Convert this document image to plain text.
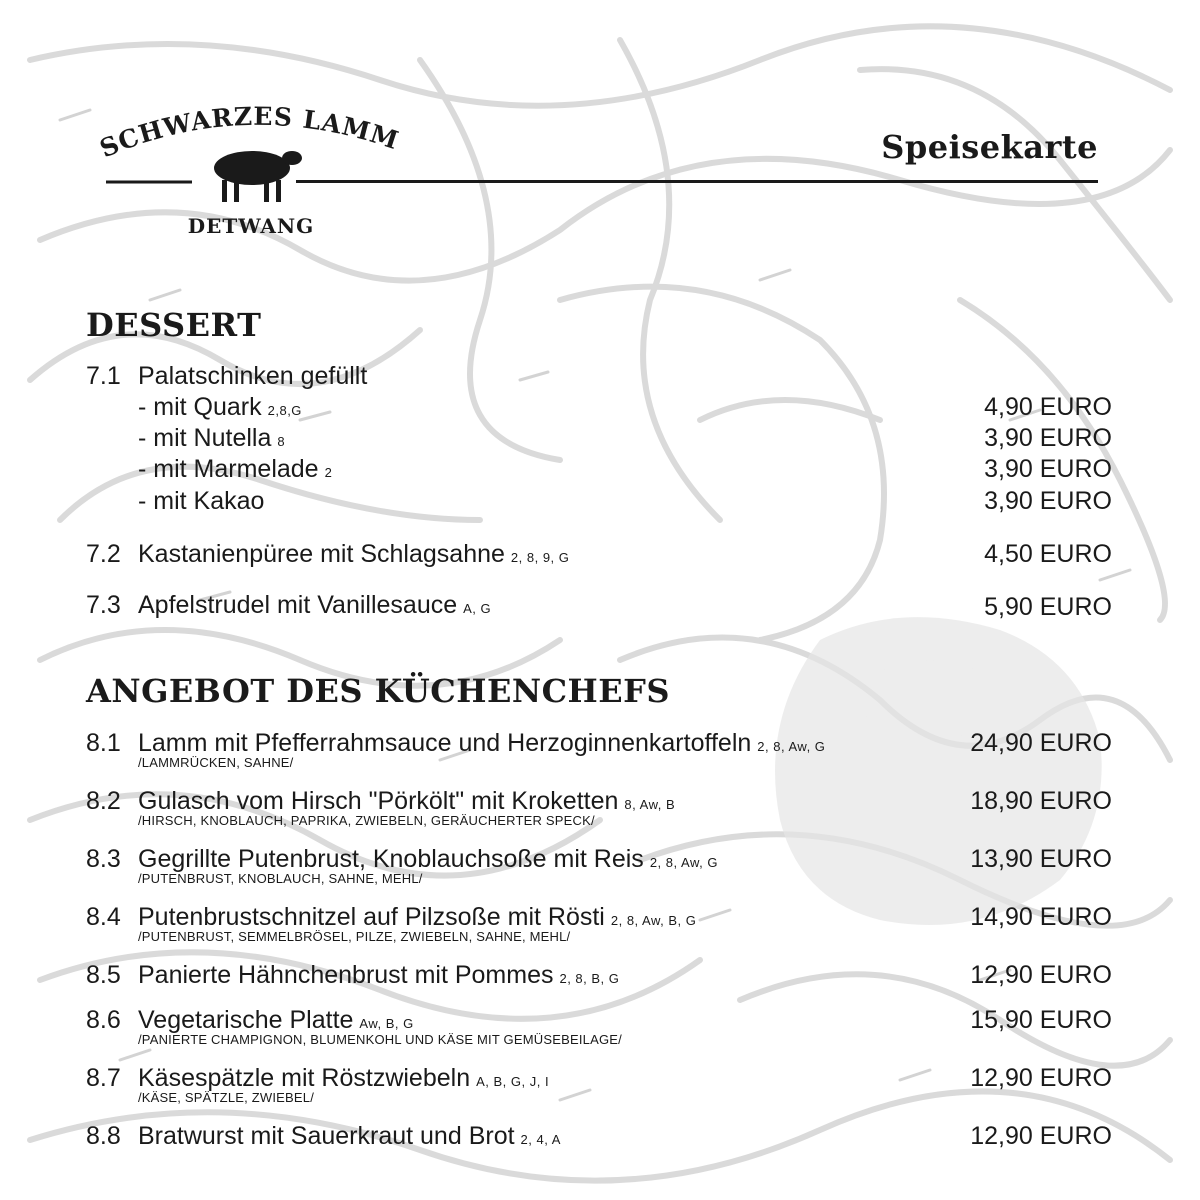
SCHWARZES LAMM
DETWANG
Speisekarte
DESSERT
7.1 Palatschinken gefüllt
- mit Quark 2,8,G	4,90 EURO
- mit Nutella 8	3,90 EURO
- mit Marmelade 2	3,90 EURO
- mit Kakao	3,90 EURO
7.2 Kastanienpüree mit Schlagsahne 2, 8, 9, G	4,50 EURO
7.3 Apfelstrudel mit Vanillesauce A, G	5,90 EURO
ANGEBOT DES KÜCHENCHEFS
8.1 Lamm mit Pfefferrahmsauce und Herzoginnenkartoffeln 2, 8, Aw, G
/LAMMRÜCKEN, SAHNE/
24,90 EURO
8.2 Gulasch vom Hirsch "Pörkölt" mit Kroketten 8, Aw, B
/HIRSCH, KNOBLAUCH, PAPRIKA, ZWIEBELN, GERÄUCHERTER SPECK/
18,90 EURO
8.3 Gegrillte Putenbrust, Knoblauchsoße mit Reis 2, 8, Aw, G
/PUTENBRUST, KNOBLAUCH, SAHNE, MEHL/
13,90 EURO
8.4 Putenbrustschnitzel auf Pilzsoße mit Rösti 2, 8, Aw, B, G
/PUTENBRUST, SEMMELBRÖSEL, PILZE, ZWIEBELN, SAHNE, MEHL/
14,90 EURO
8.5 Panierte Hähnchenbrust mit Pommes 2, 8, B, G	12,90 EURO
8.6 Vegetarische Platte Aw, B, G
/PANIERTE CHAMPIGNON, BLUMENKOHL UND KÄSE MIT GEMÜSEBEILAGE/
15,90 EURO
8.7 Käsespätzle mit Röstzwiebeln A, B, G, J, I
/KÄSE, SPÄTZLE, ZWIEBEL/
12,90 EURO
8.8 Bratwurst mit Sauerkraut und Brot 2, 4, A	12,90 EURO
